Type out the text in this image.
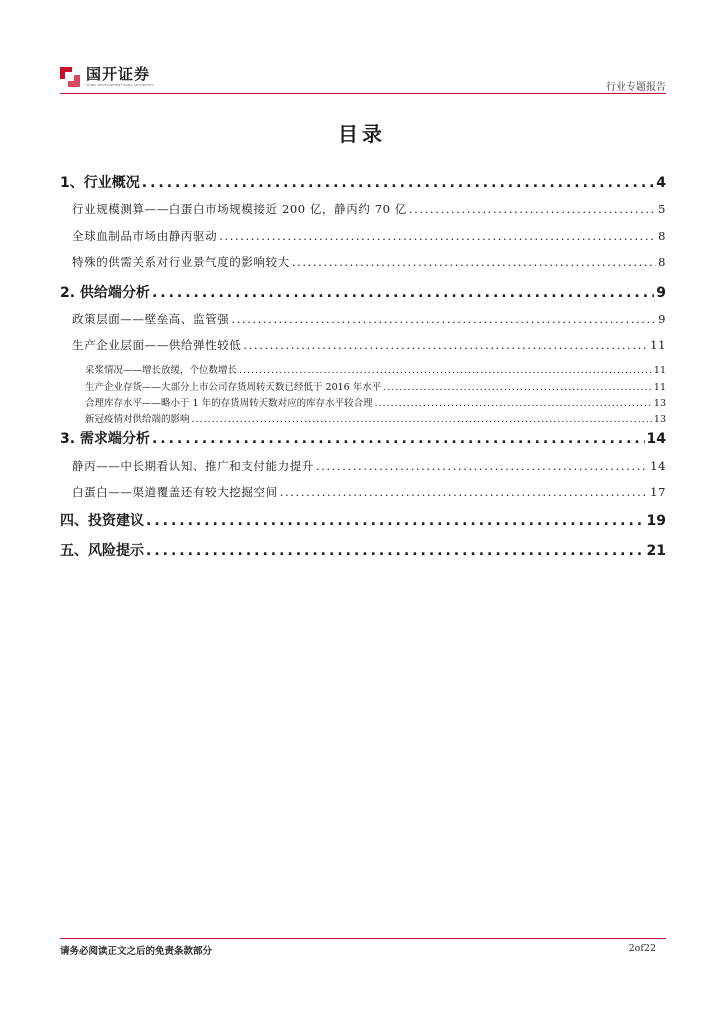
国开证券
CHINA DEVELOPMENT BANK SECURITIES	行业专题报告
目录
1、行业概况 .....	4
行业规模测算——白蛋白市场规模接近 200 亿，静丙约 70 亿 .....	5
全球血制品市场由静丙驱动 .....	8
特殊的供需关系对行业景气度的影响较大 .....	8
2. 供给端分析 .....	9
政策层面——壁垒高、监管强 .....	9
生产企业层面——供给弹性较低 .....	11
采浆情况——增长放缓，个位数增长 .....	11
生产企业存货——大部分上市公司存货周转天数已经低于 2016 年水平 .....	11
合理库存水平——略小于 1 年的存货周转天数对应的库存水平较合理 .....	13
新冠疫情对供给端的影响 .....	13
3. 需求端分析 .....	14
静丙——中长期看认知、推广和支付能力提升 .....	14
白蛋白——渠道覆盖还有较大挖掘空间 .....	17
四、投资建议 .....	19
五、风险提示 .....	21
请务必阅读正文之后的免责条款部分	2of22
